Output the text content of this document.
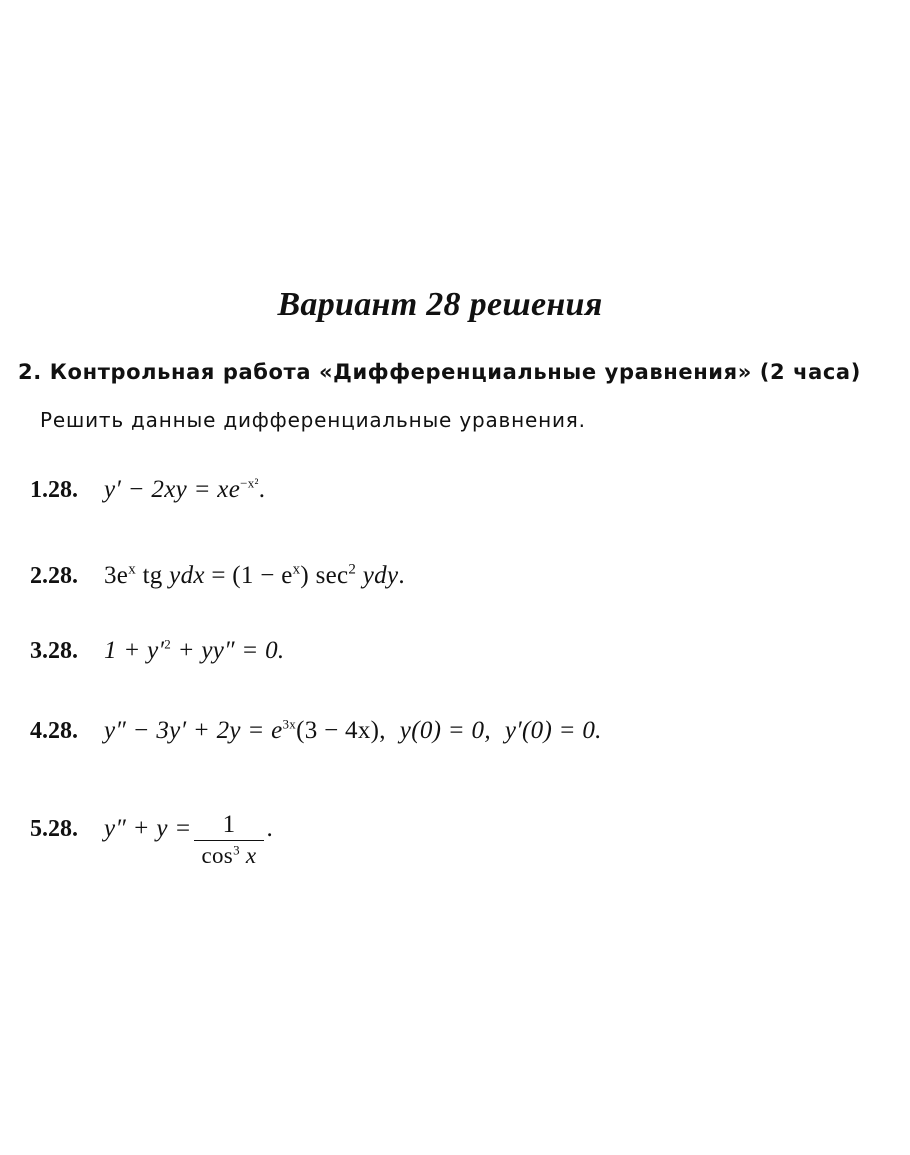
Вариант 28 решения
2. Контрольная работа «Дифференциальные уравнения» (2 часа)
Решить данные дифференциальные уравнения.
1.28.	$y' - 2xy = xe^{-x^2}$.
2.28.	$3e^x$ tg ydx = $(1 - e^x)$ $\sec^2$ ydy.
3.28.	$1 + y'^2 + yy'' = 0$.
4.28.	$y'' - 3y' + 2y = e^{3x}(3 - 4x)$, y(0) = 0, y′(0) = 0.
5.28.	$y'' + y = \frac{1}{\cos^3 x}$ .
